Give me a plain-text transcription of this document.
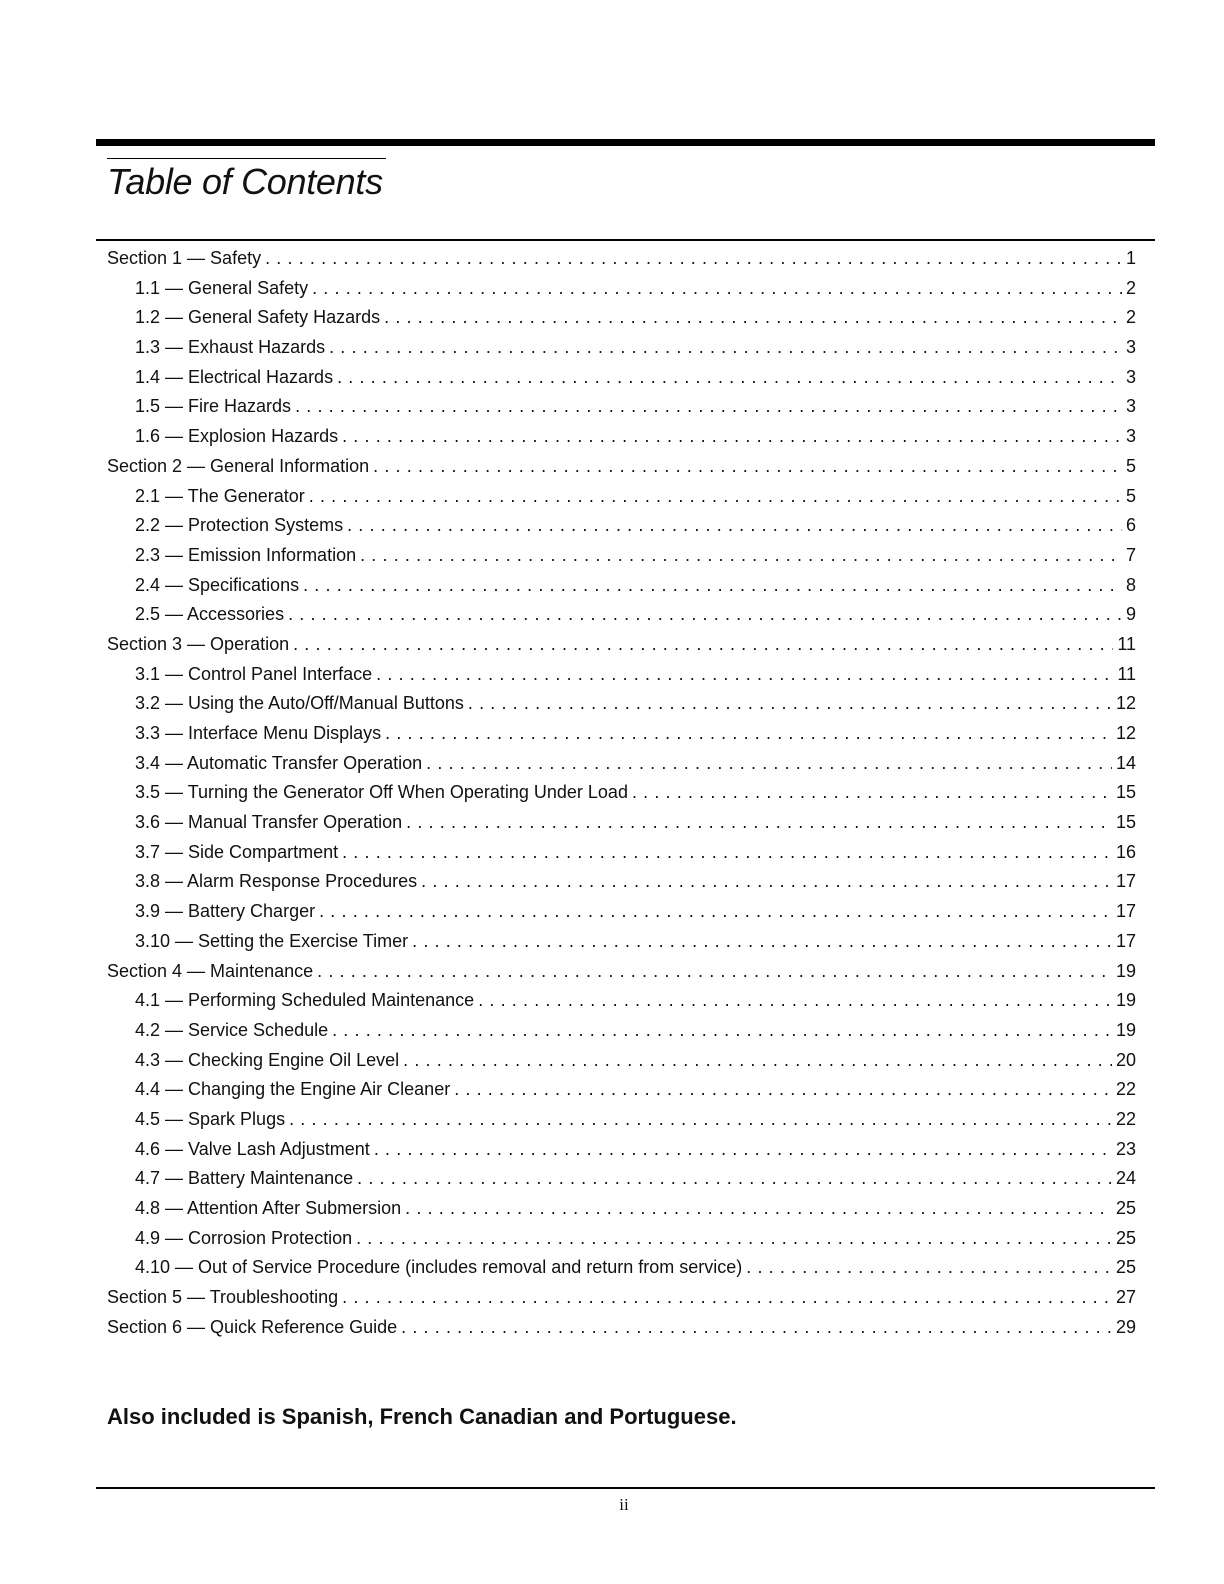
Table of Contents
Section 1 — Safety . . .	1
1.1 — General Safety . . .	2
1.2 — General Safety Hazards . . .	2
1.3 — Exhaust Hazards . . .	3
1.4 — Electrical Hazards . . .	3
1.5 — Fire Hazards . . .	3
1.6 — Explosion Hazards . . .	3
Section 2 — General Information . . .	5
2.1 — The Generator . . .	5
2.2 — Protection Systems . . .	6
2.3 — Emission Information . . .	7
2.4 — Specifications . . .	8
2.5 — Accessories . . .	9
Section 3 — Operation . . .	11
3.1 — Control Panel Interface . . .	11
3.2 — Using the Auto/Off/Manual Buttons . . .	12
3.3 — Interface Menu Displays . . .	12
3.4 — Automatic Transfer Operation . . .	14
3.5 — Turning the Generator Off When Operating Under Load . . .	15
3.6 — Manual Transfer Operation . . .	15
3.7 — Side Compartment . . .	16
3.8 — Alarm Response Procedures . . .	17
3.9 — Battery Charger . . .	17
3.10 — Setting the Exercise Timer . . .	17
Section 4 — Maintenance . . .	19
4.1 — Performing Scheduled Maintenance . . .	19
4.2 — Service Schedule . . .	19
4.3 — Checking Engine Oil Level . . .	20
4.4 — Changing the Engine Air Cleaner . . .	22
4.5 — Spark Plugs . . .	22
4.6 — Valve Lash Adjustment . . .	23
4.7 — Battery Maintenance . . .	24
4.8 — Attention After Submersion . . .	25
4.9 — Corrosion Protection . . .	25
4.10 — Out of Service Procedure (includes removal and return from service) . . .	25
Section 5 — Troubleshooting . . .	27
Section 6 — Quick Reference Guide . . .	29

Also included is Spanish, French Canadian and Portuguese.

ii
